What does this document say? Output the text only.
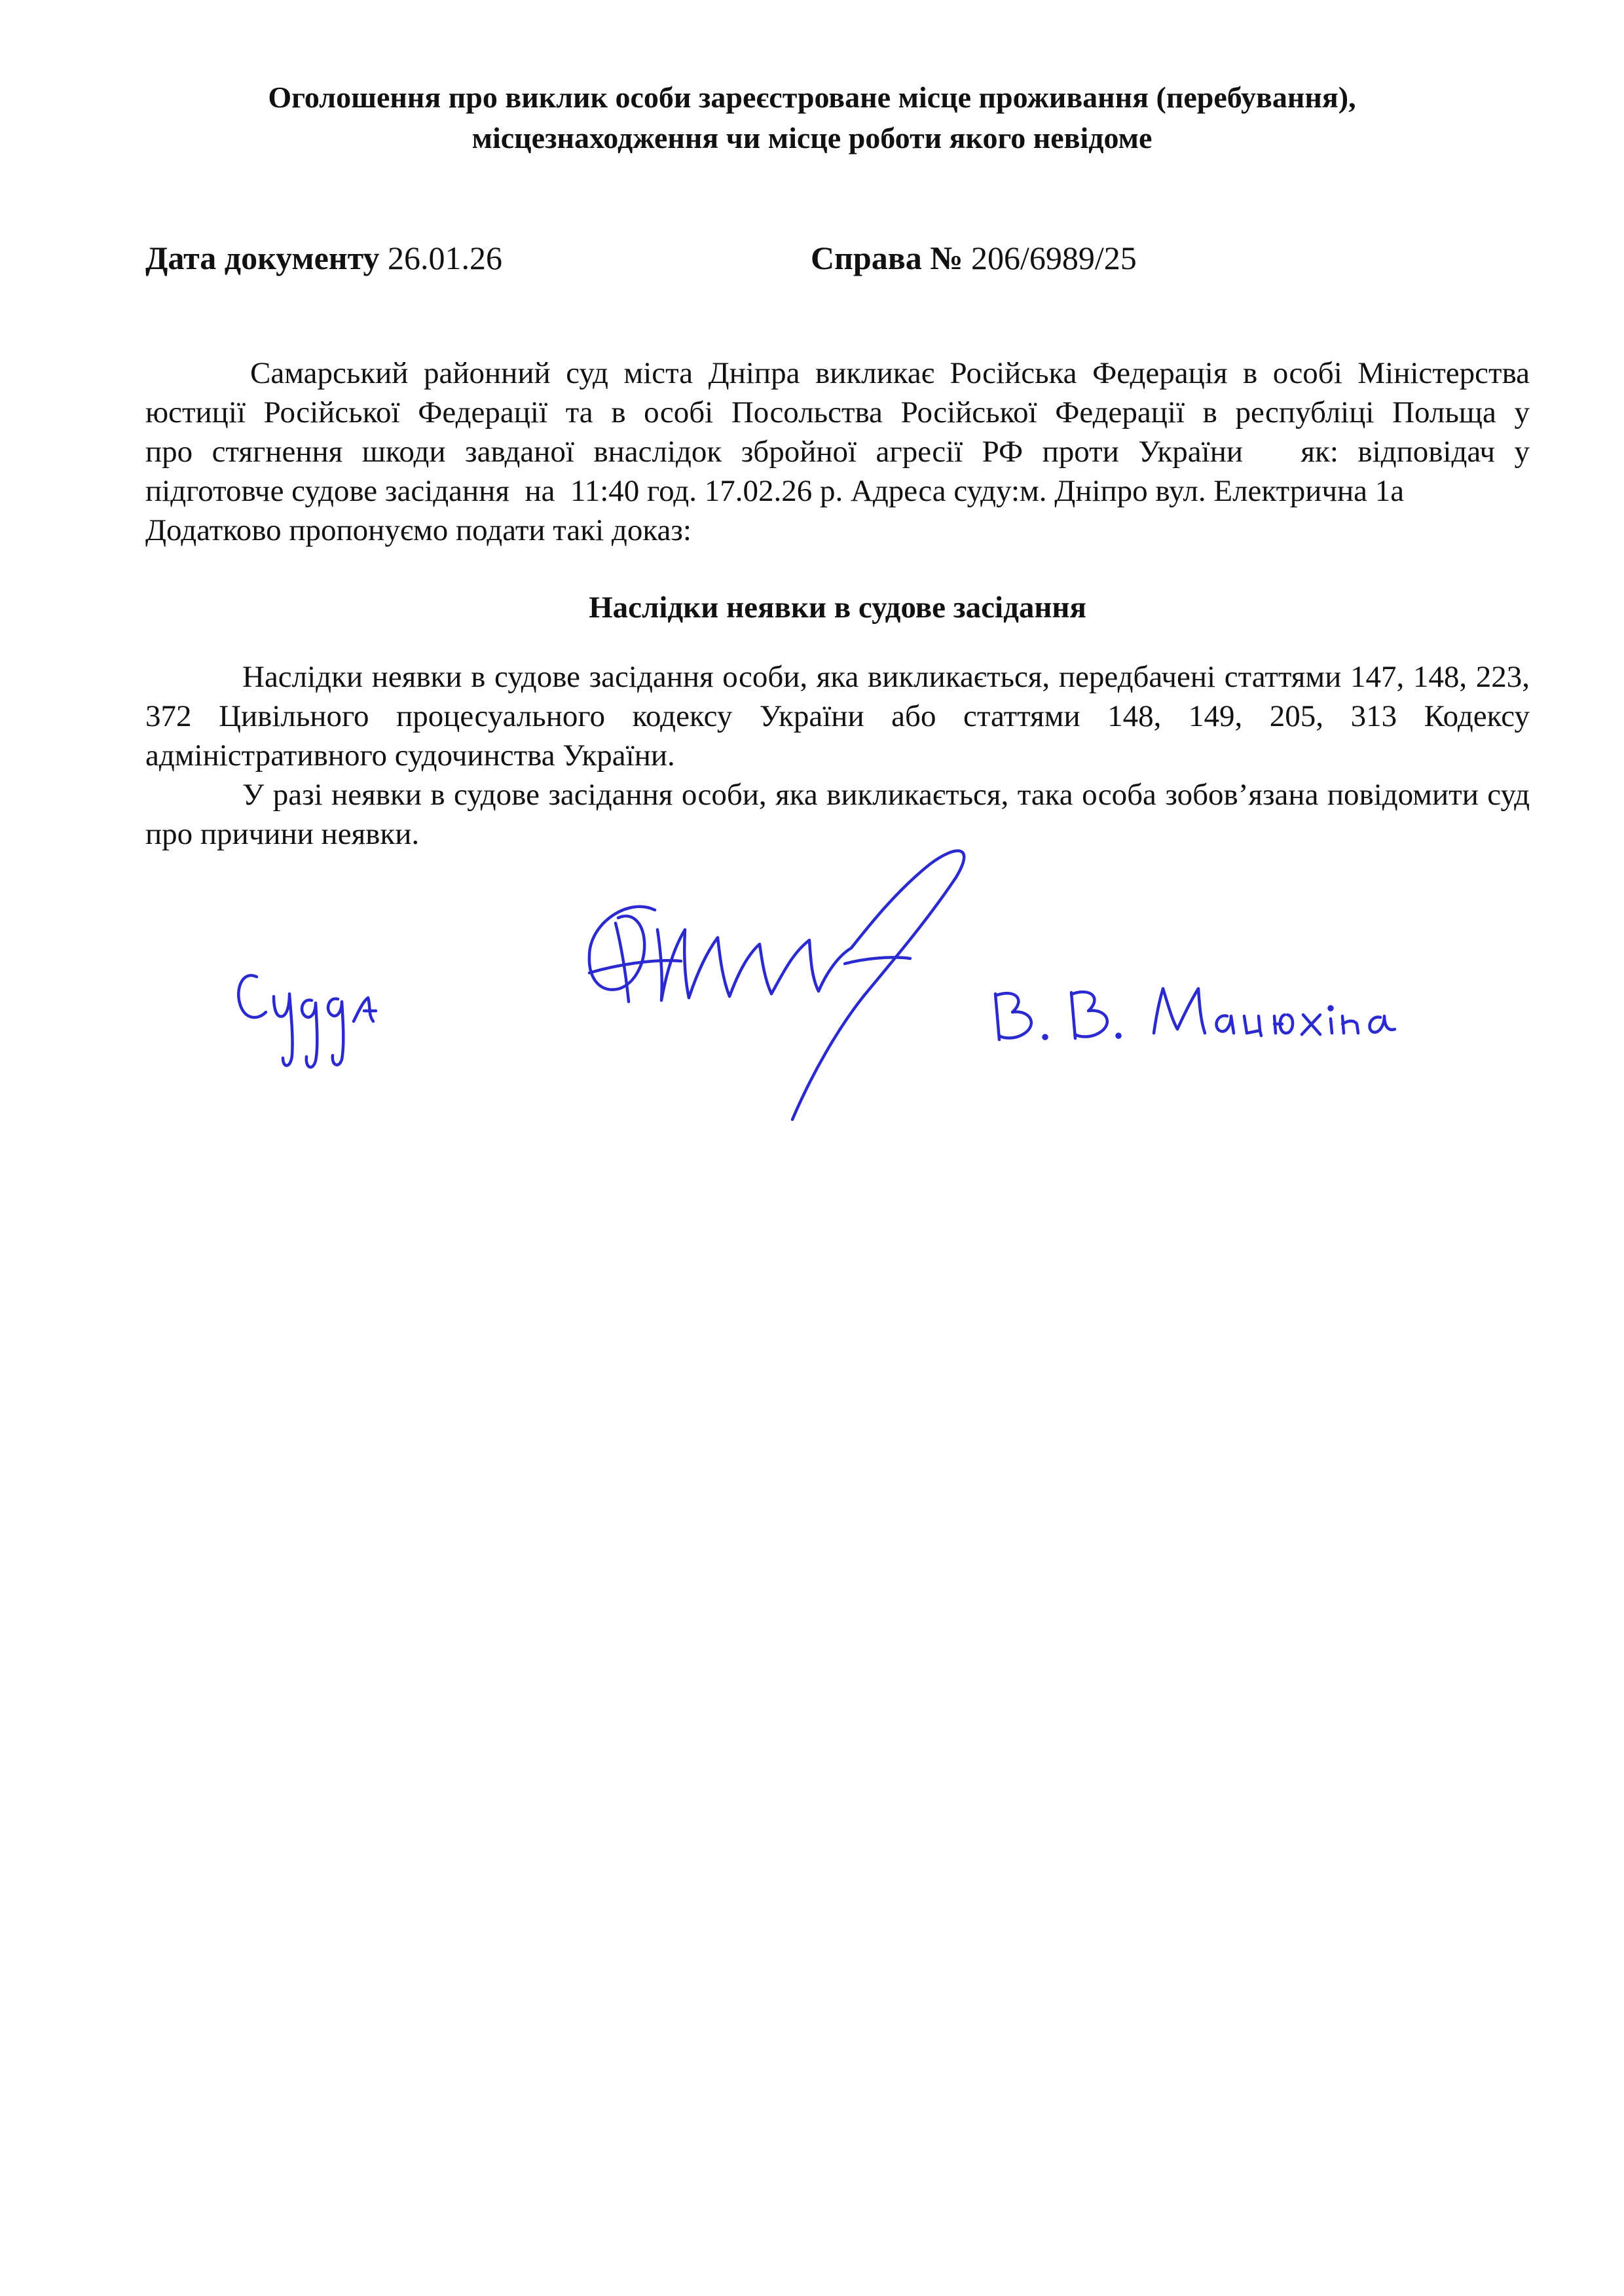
Оголошення про виклик особи зареєстроване місце проживання (перебування),
місцезнаходження чи місце роботи якого невідоме
Дата документу 26.01.26	Справа № 206/6989/25

Самарський районний суд міста Дніпра викликає Російська Федерація в особі Міністерства

юстиції Російської Федерації та в особі Посольства Російської Федерації в республіці Польща у

про стягнення шкоди завданої внаслідок збройної агресії РФ проти України   як: відповідач у

підготовче судове засідання  на  11:40 год. 17.02.26 р. Адреса суду:м. Дніпро вул. Електрична 1а

Додатково пропонуємо подати такі доказ:

Наслідки неявки в судове засідання

Наслідки неявки в судове засідання особи, яка викликається, передбачені статтями 147, 148, 223, 372 Цивільного процесуального кодексу України або статтями 148, 149, 205, 313 Кодексу адміністративного судочинства України.

У разі неявки в судове засідання особи, яка викликається, така особа зобов’язана повідомити суд про причини неявки.
